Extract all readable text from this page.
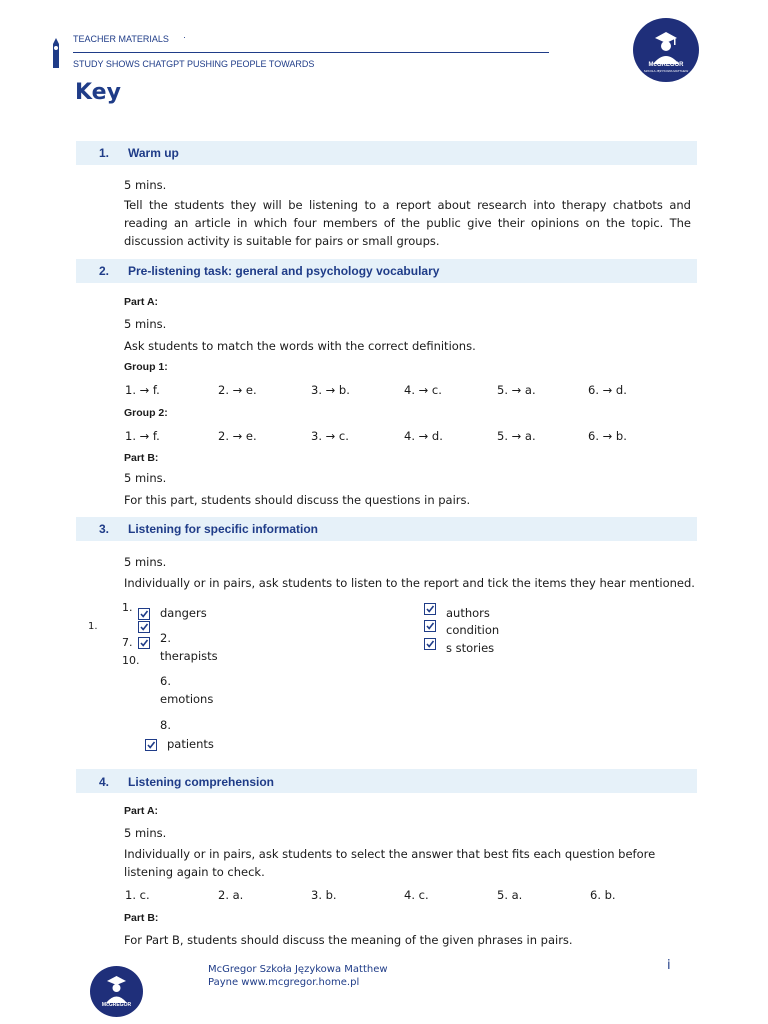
TEACHER MATERIALS ·
STUDY SHOWS CHATGPT PUSHING PEOPLE TOWARDS	McGREGOR
SZKOŁA JĘZYKOWA MATTHEW
Key
1. Warm up
5 mins.
Tell the students they will be listening to a report about research into therapy chatbots and reading an article in which four members of the public give their opinions on the topic. The discussion activity is suitable for pairs or small groups.
2. Pre-listening task: general and psychology vocabulary
Part A:
5 mins.
Ask students to match the words with the correct definitions.
Group 1:
1. → f.	2. → e.	3. → b.	4. → c.	5. → a.	6. → d.
Group 2:
1. → f.	2. → e.	3. → c.	4. → d.	5. → a.	6. → b.
Part B:
5 mins.
For this part, students should discuss the questions in pairs.
3. Listening for specific information
5 mins.
Individually or in pairs, ask students to listen to the report and tick the items they hear mentioned.
1.
1.
7.
10.
dangers
2.
therapists
6.
emotions
8.
patients
authors
condition
s stories
4. Listening comprehension
Part A:
5 mins.
Individually or in pairs, ask students to select the answer that best fits each question before listening again to check.
1. c.	2. a.	3. b.	4. c.	5. a.	6. b.
Part B:
For Part B, students should discuss the meaning of the given phrases in pairs.
McGREGOR
McGregor Szkoła Językowa Matthew
Payne www.mcgregor.home.pl
i
